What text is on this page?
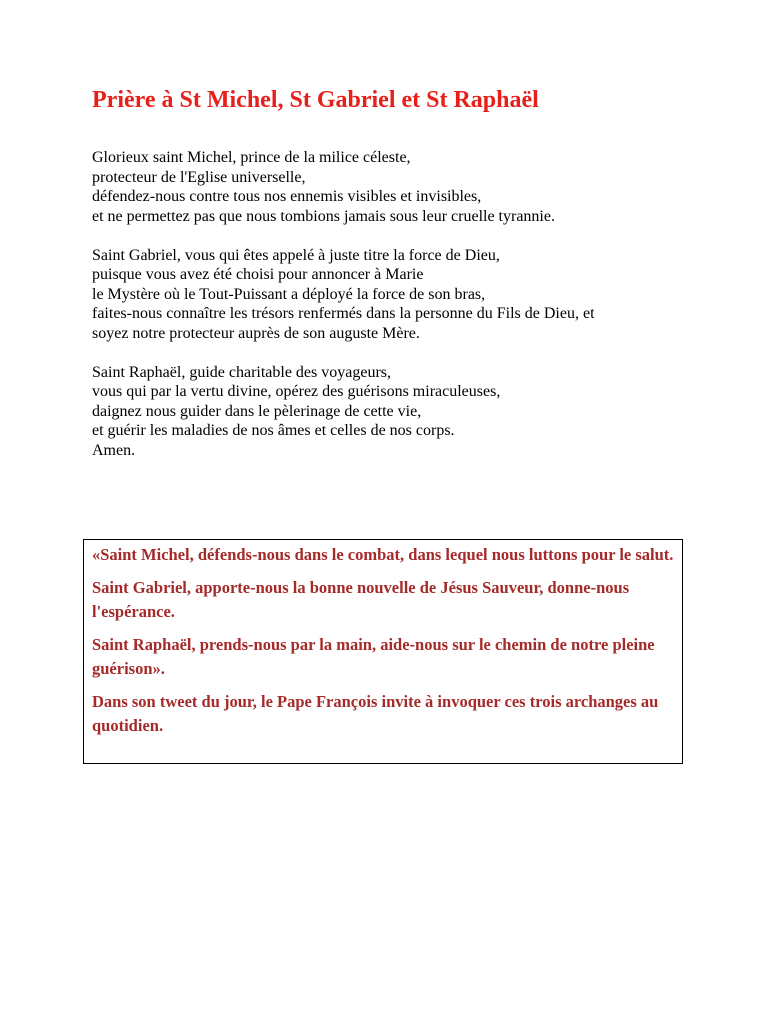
Prière à St Michel, St Gabriel et St Raphaël

Glorieux saint Michel, prince de la milice céleste,
protecteur de l'Eglise universelle,
défendez-nous contre tous nos ennemis visibles et invisibles,
et ne permettez pas que nous tombions jamais sous leur cruelle tyrannie.

Saint Gabriel, vous qui êtes appelé à juste titre la force de Dieu,
puisque vous avez été choisi pour annoncer à Marie
le Mystère où le Tout-Puissant a déployé la force de son bras,
faites-nous connaître les trésors renfermés dans la personne du Fils de Dieu, et
soyez notre protecteur auprès de son auguste Mère.

Saint Raphaël, guide charitable des voyageurs,
vous qui par la vertu divine, opérez des guérisons miraculeuses,
daignez nous guider dans le pèlerinage de cette vie,
et guérir les maladies de nos âmes et celles de nos corps.
Amen.

«Saint Michel, défends-nous dans le combat, dans lequel nous luttons pour le salut.

Saint Gabriel, apporte-nous la bonne nouvelle de Jésus Sauveur, donne-nous l'espérance.

Saint Raphaël, prends-nous par la main, aide-nous sur le chemin de notre pleine guérison».

Dans son tweet du jour, le Pape François invite à invoquer ces trois archanges au quotidien.
